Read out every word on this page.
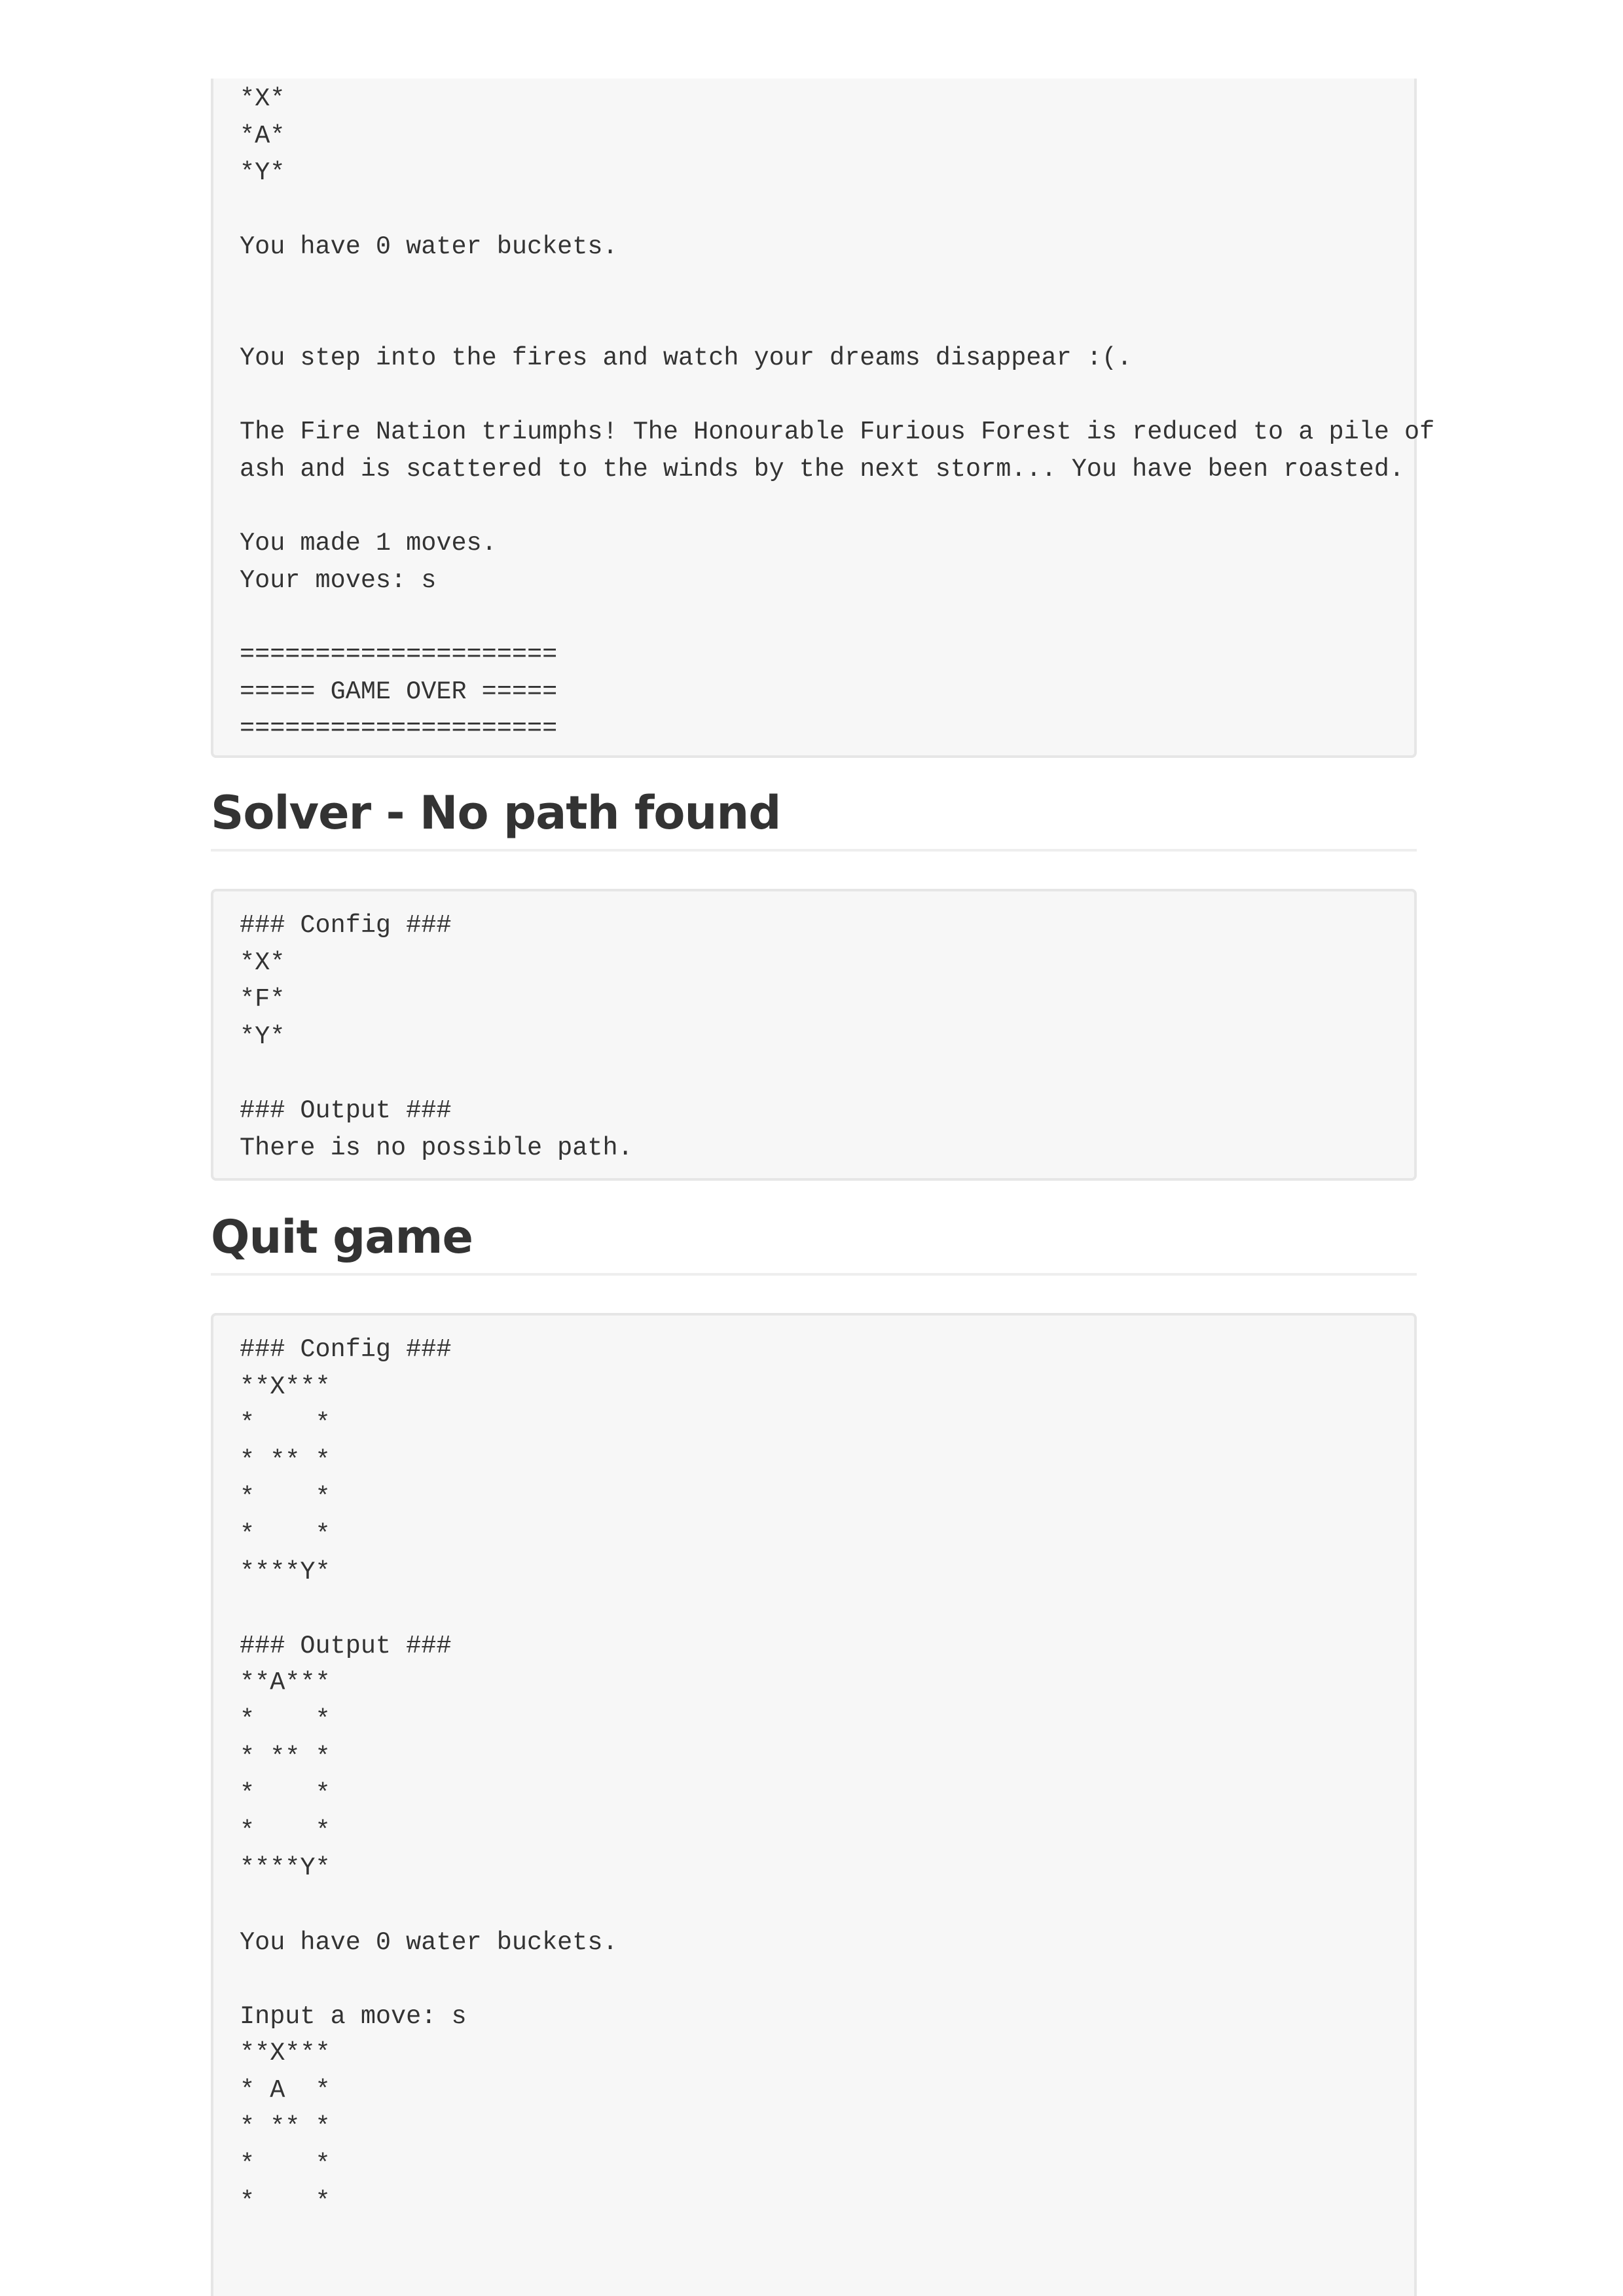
*X*
*A*
*Y*

You have 0 water buckets.

You step into the fires and watch your dreams disappear :(.

The Fire Nation triumphs! The Honourable Furious Forest is reduced to a pile of
ash and is scattered to the winds by the next storm... You have been roasted.

You made 1 moves.
Your moves: s

=====================
===== GAME OVER =====
=====================
Solver - No path found
### Config ###
*X*
*F*
*Y*

### Output ###
There is no possible path.
Quit game
### Config ###
**X***
*    *
* ** *
*    *
*    *
****Y*

### Output ###
**A***
*    *
* ** *
*    *
*    *
****Y*

You have 0 water buckets.

Input a move: s
**X***
* A  *
* ** *
*    *
*    *
